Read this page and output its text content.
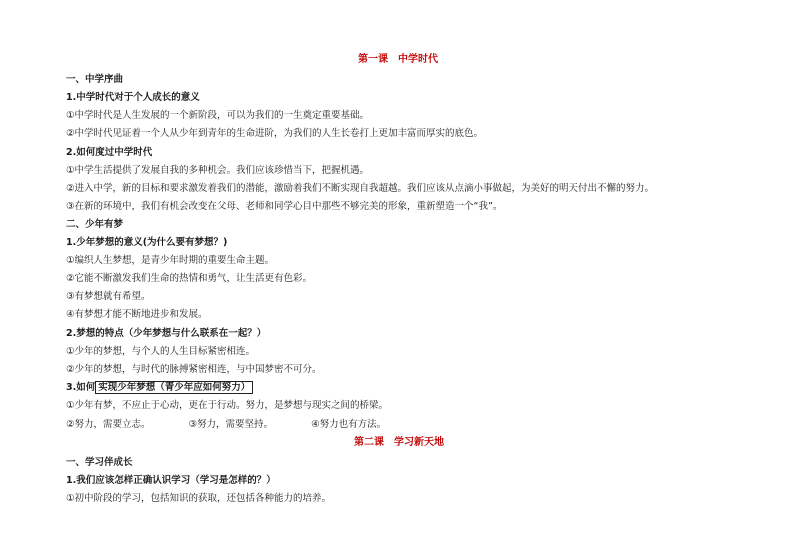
第一课　中学时代
一、中学序曲
1.中学时代对于个人成长的意义
①中学时代是人生发展的一个新阶段，可以为我们的一生奠定重要基础。
②中学时代见证着一个人从少年到青年的生命进阶，为我们的人生长卷打上更加丰富而厚实的底色。
2.如何度过中学时代
①中学生活提供了发展自我的多种机会。我们应该珍惜当下，把握机遇。
②进入中学，新的目标和要求激发着我们的潜能，激励着我们不断实现自我超越。我们应该从点滴小事做起，为美好的明天付出不懈的努力。
③在新的环境中，我们有机会改变在父母、老师和同学心目中那些不够完美的形象，重新塑造一个“我”。
二、少年有梦
1.少年梦想的意义(为什么要有梦想？)
①编织人生梦想，是青少年时期的重要生命主题。
②它能不断激发我们生命的热情和勇气，让生活更有色彩。
③有梦想就有希望。
④有梦想才能不断地进步和发展。
2.梦想的特点（少年梦想与什么联系在一起？）
①少年的梦想，与个人的人生目标紧密相连。
②少年的梦想，与时代的脉搏紧密相连，与中国梦密不可分。
3.如何 实现少年梦想（青少年应如何努力）
①少年有梦，不应止于心动，更在于行动。努力，是梦想与现实之间的桥梁。
②努力，需要立志。	③努力，需要坚持。	④努力也有方法。
第二课　学习新天地
一、学习伴成长
1.我们应该怎样正确认识学习（学习是怎样的？）
①初中阶段的学习，包括知识的获取，还包括各种能力的培养。
